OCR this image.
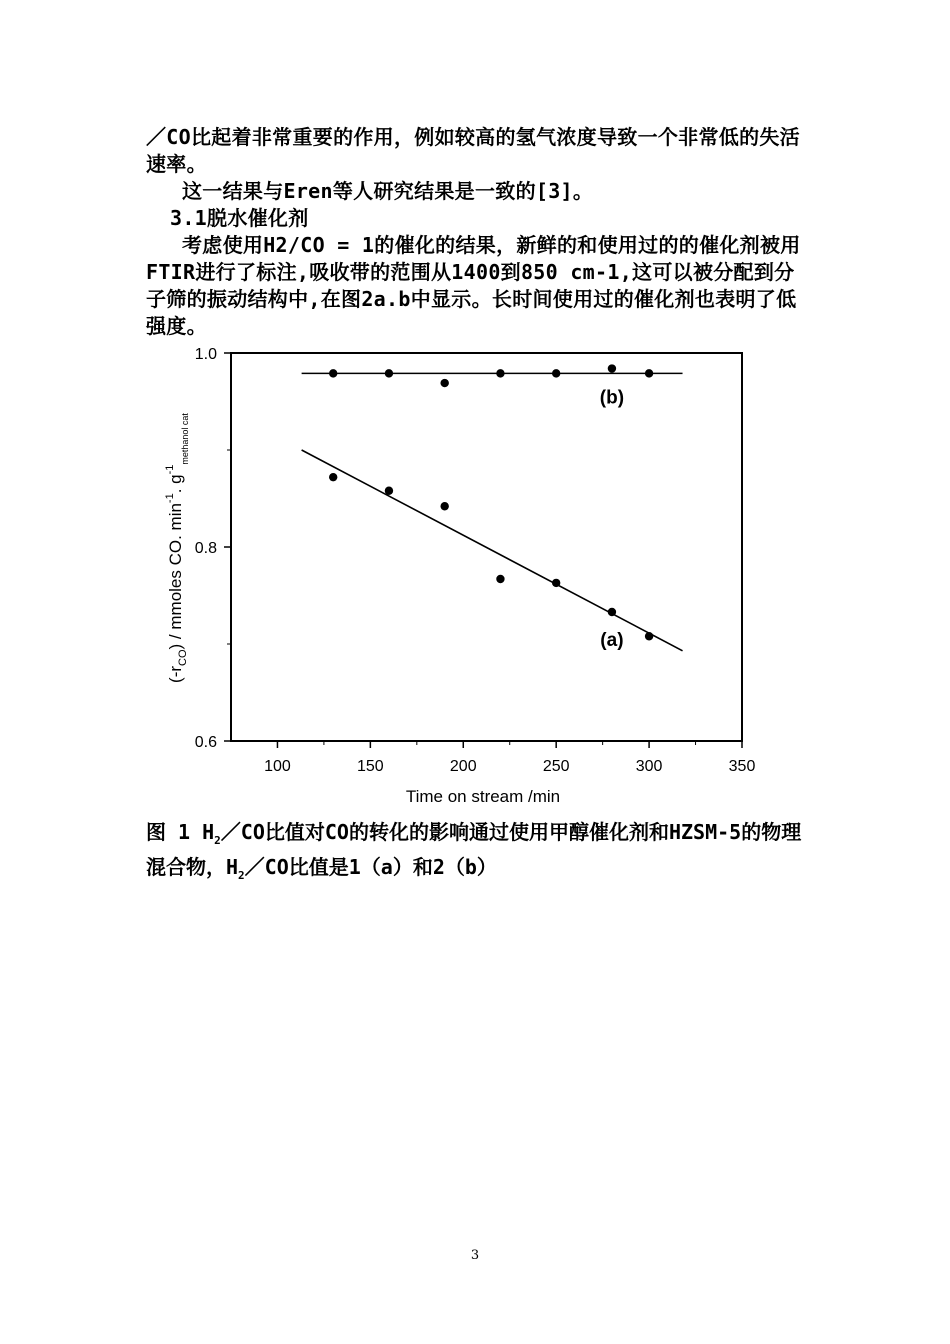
／CO比起着非常重要的作用，例如较高的氢气浓度导致一个非常低的失活速率。

这一结果与Eren等人研究结果是一致的[3]。

3.1脱水催化剂

考虑使用H2/CO = 1的催化的结果，新鲜的和使用过的的催化剂被用FTIR进行了标注,吸收带的范围从1400到850 cm-1,这可以被分配到分子筛的振动结构中,在图2a.b中显示。长时间使用过的催化剂也表明了低强度。

100	150	200	250	300	350
0.6
0.8
1.0
(a)
(b)
Time on stream /min
$(-r_{CO})$ / mmoles CO. $\min^{-1}$. $g^{-1}_{methanol cat}$

图 1 $H_2/CO$比值对CO的转化的影响通过使用甲醇催化剂和HZSM-5的物理混合物，$H_2/CO$比值是1（a）和2（b）

3
